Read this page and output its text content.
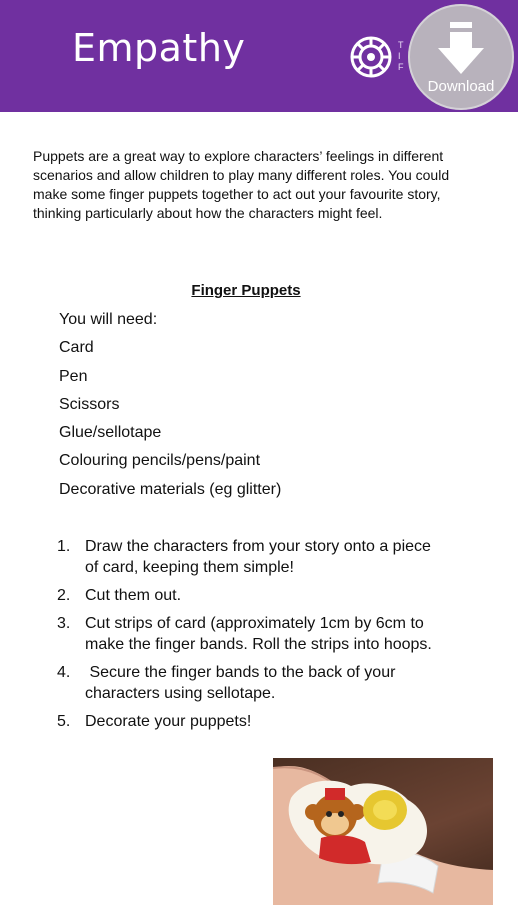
Empathy	T
I
F
Download
Puppets are a great way to explore characters’ feelings in different scenarios and allow children to play many different roles. You could make some finger puppets together to act out your favourite story, thinking particularly about how the characters might feel.
Finger Puppets
You will need:
Card
Pen
Scissors
Glue/sellotape
Colouring pencils/pens/paint
Decorative materials (eg glitter)
1. Draw the characters from your story onto a piece of card, keeping them simple!
2. Cut them out.
3. Cut strips of card (approximately 1cm by 6cm to make the finger bands. Roll the strips into hoops.
4. Secure the finger bands to the back of your characters using sellotape.
5. Decorate your puppets!
